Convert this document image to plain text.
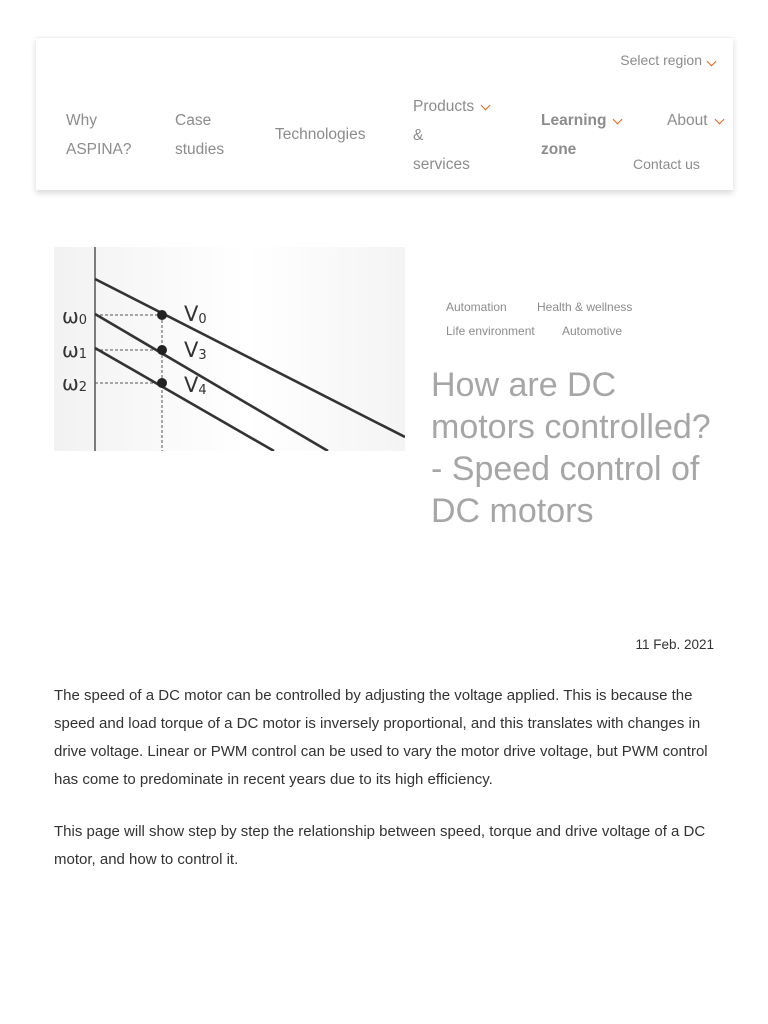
Select region
Why ASPINA?
Case studies
Technologies
Products
&
services
Learning
zone
About
Contact us
ω0
ω1
ω2
V0
V3
V4
Automation	Health & wellness
Life environment Automotive
How are DC motors controlled? - Speed control of DC motors
11 Feb. 2021

The speed of a DC motor can be controlled by adjusting the voltage applied. This is because the speed and load torque of a DC motor is inversely proportional, and this translates with changes in drive voltage. Linear or PWM control can be used to vary the motor drive voltage, but PWM control has come to predominate in recent years due to its high efficiency.

This page will show step by step the relationship between speed, torque and drive voltage of a DC motor, and how to control it.
